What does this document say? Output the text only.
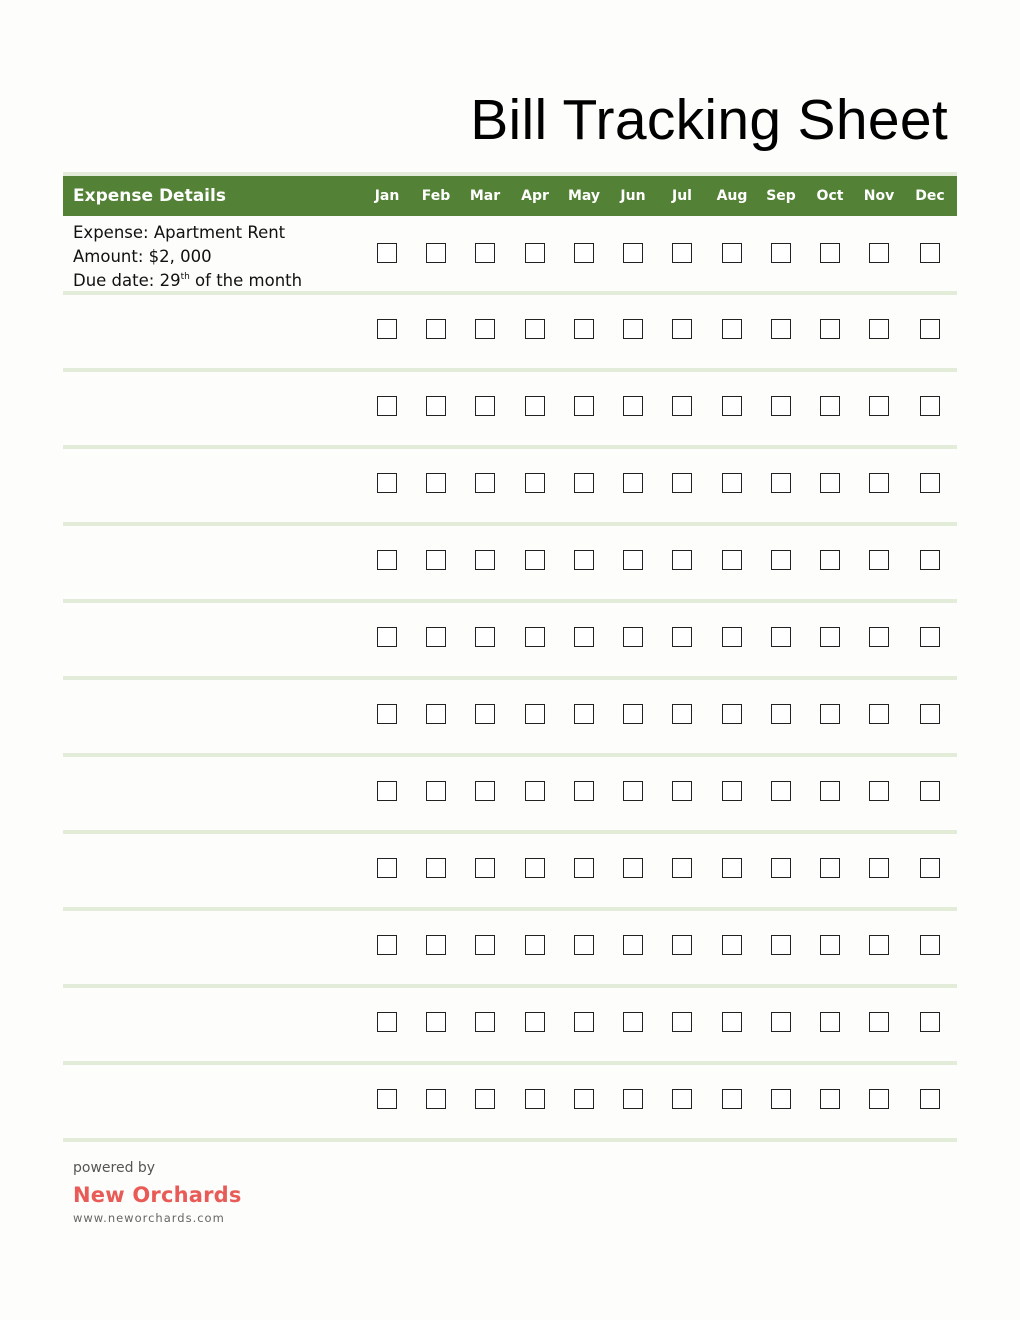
Bill Tracking Sheet
Expense Details	Jan	Feb	Mar	Apr	May	Jun	Jul	Aug	Sep	Oct	Nov	Dec
Expense: Apartment Rent
Amount: $2, 000
Due date: 29th of the month
powered by
New Orchards
www.neworchards.com
